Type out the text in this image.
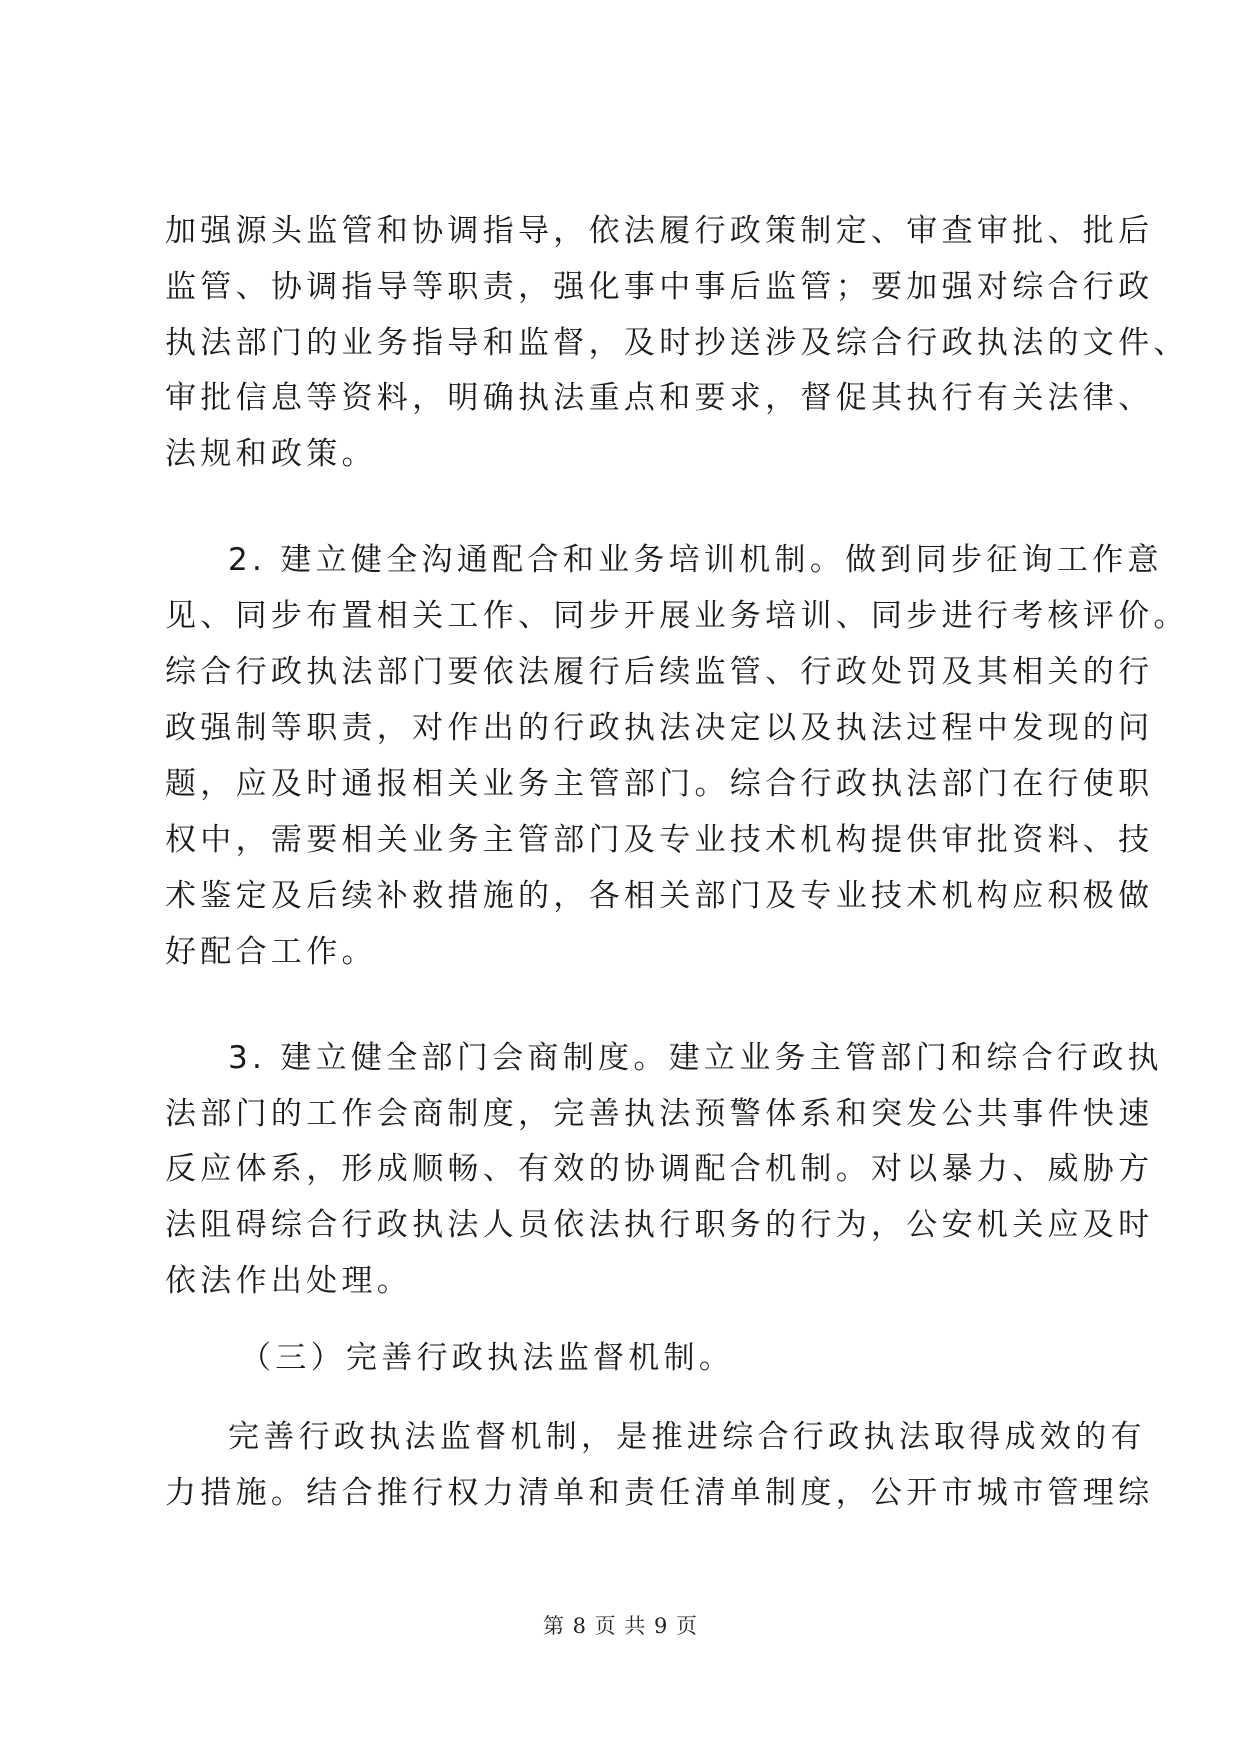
加强源头监管和协调指导，依法履行政策制定、审查审批、批后
监管、协调指导等职责，强化事中事后监管；要加强对综合行政
执法部门的业务指导和监督，及时抄送涉及综合行政执法的文件、
审批信息等资料，明确执法重点和要求，督促其执行有关法律、
法规和政策。
2. 建立健全沟通配合和业务培训机制。做到同步征询工作意
见、同步布置相关工作、同步开展业务培训、同步进行考核评价。
综合行政执法部门要依法履行后续监管、行政处罚及其相关的行
政强制等职责，对作出的行政执法决定以及执法过程中发现的问
题，应及时通报相关业务主管部门。综合行政执法部门在行使职
权中，需要相关业务主管部门及专业技术机构提供审批资料、技
术鉴定及后续补救措施的，各相关部门及专业技术机构应积极做
好配合工作。
3. 建立健全部门会商制度。建立业务主管部门和综合行政执
法部门的工作会商制度，完善执法预警体系和突发公共事件快速
反应体系，形成顺畅、有效的协调配合机制。对以暴力、威胁方
法阻碍综合行政执法人员依法执行职务的行为，公安机关应及时
依法作出处理。
（三）完善行政执法监督机制。
完善行政执法监督机制，是推进综合行政执法取得成效的有
力措施。结合推行权力清单和责任清单制度，公开市城市管理综
第 8 页 共 9 页
